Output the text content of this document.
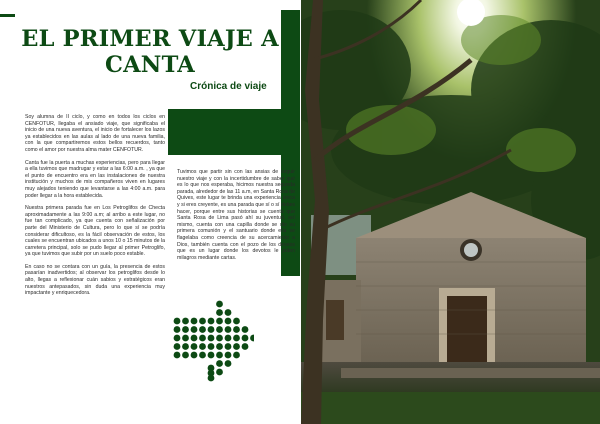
EL PRIMER VIAJE A CANTA
Crónica de viaje

Soy alumna de II ciclo, y como en todos los ciclos en CENFOTUR, llegaba el ansiado viaje, que significaba el inicio de una nueva aventura, el inicio de fortalecer los lazos ya establecidos en las aulas al lado de una nueva familia, con la que compartiremos estos bellos recuerdos, tanto como el amor por nuestra alma mater CENFOTUR.

Canta fue la puerta a muchas experiencias, pero para llegar a ella tuvimos que madrugar y estar a las 6:00 a.m. , ya que el punto de encuentro era en las instalaciones de nuestra institución y muchos de mis compañeros viven en lugares muy alejados teniendo que levantarse a las 4:00 a.m. para poder llegar a la hora establecida.

Nuestra primera parada fue en Los Petroglifos de Checta aproximadamente a las 9:00 a.m; al arribo a este lugar, no fue tan complicado, ya que cuenta con señalización por parte del Ministerio de Cultura, pero lo que sí se podría considerar dificultoso, es la fácil observación de estos, los cuales se encuentran ubicados a unos 10 o 15 minutos de la carretera principal, solo se pudo llegar al primer Petroglifo, ya que tuvimos que subir por un suelo poco estable.

En caso no se contara con un guía, la presencia de estos pasarían inadvertidos; al observar los petroglifos desde lo alto, llegas a reflexionar cuán sabios y estratégicos eran nuestros antepasados, sin duda una experiencia muy impactante y enriquecedora.

Tuvimos que partir sin con las ansias de seguir nuestro viaje y con la incertidumbre de saber qué es lo que nos esperaba, hicimos nuestra segunda parada, alrededor de las 11 a.m, en Santa Rosa de Quives, este lugar te brinda una experiencia única y si eres creyente, es una parada que sí o sí debes hacer, porque entre sus historias se cuenta que Santa Rosa de Lima pasó ahí su juventud, así mismo, cuenta con una capilla donde se dio su primera comunión y el santuario donde ella se flagelaba como creencia de su acercamiento a Dios, también cuenta con el pozo de los deseos que es un lugar donde los devotos le piden milagros mediante cartas.
